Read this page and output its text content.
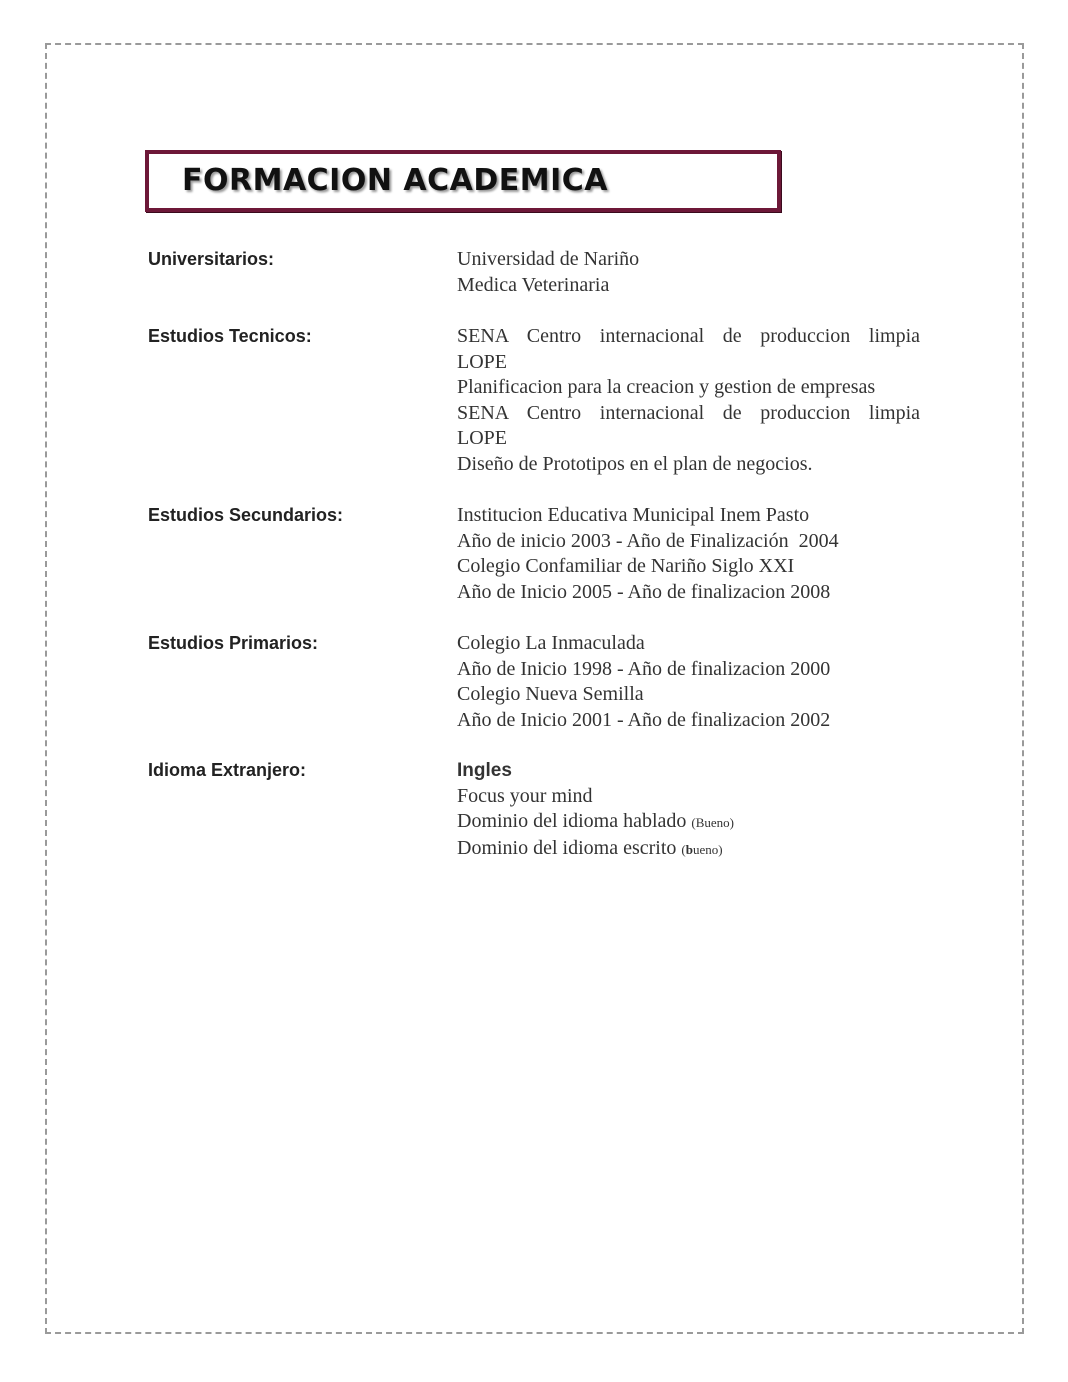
FORMACION ACADEMICA
Universitarios:	Universidad de Nariño
Medica Veterinaria
Estudios Tecnicos:	SENA Centro internacional de produccion limpia
LOPE
Planificacion para la creacion y gestion de empresas
SENA Centro internacional de produccion limpia
LOPE
Diseño de Prototipos en el plan de negocios.
Estudios Secundarios:	Institucion Educativa Municipal Inem Pasto
Año de inicio 2003 - Año de Finalización  2004
Colegio Confamiliar de Nariño Siglo XXI
Año de Inicio 2005 - Año de finalizacion 2008
Estudios Primarios:	Colegio La Inmaculada
Año de Inicio 1998 - Año de finalizacion 2000
Colegio Nueva Semilla
Año de Inicio 2001 - Año de finalizacion 2002
Idioma Extranjero:	Ingles
Focus your mind
Dominio del idioma hablado (Bueno)
Dominio del idioma escrito (bueno)
